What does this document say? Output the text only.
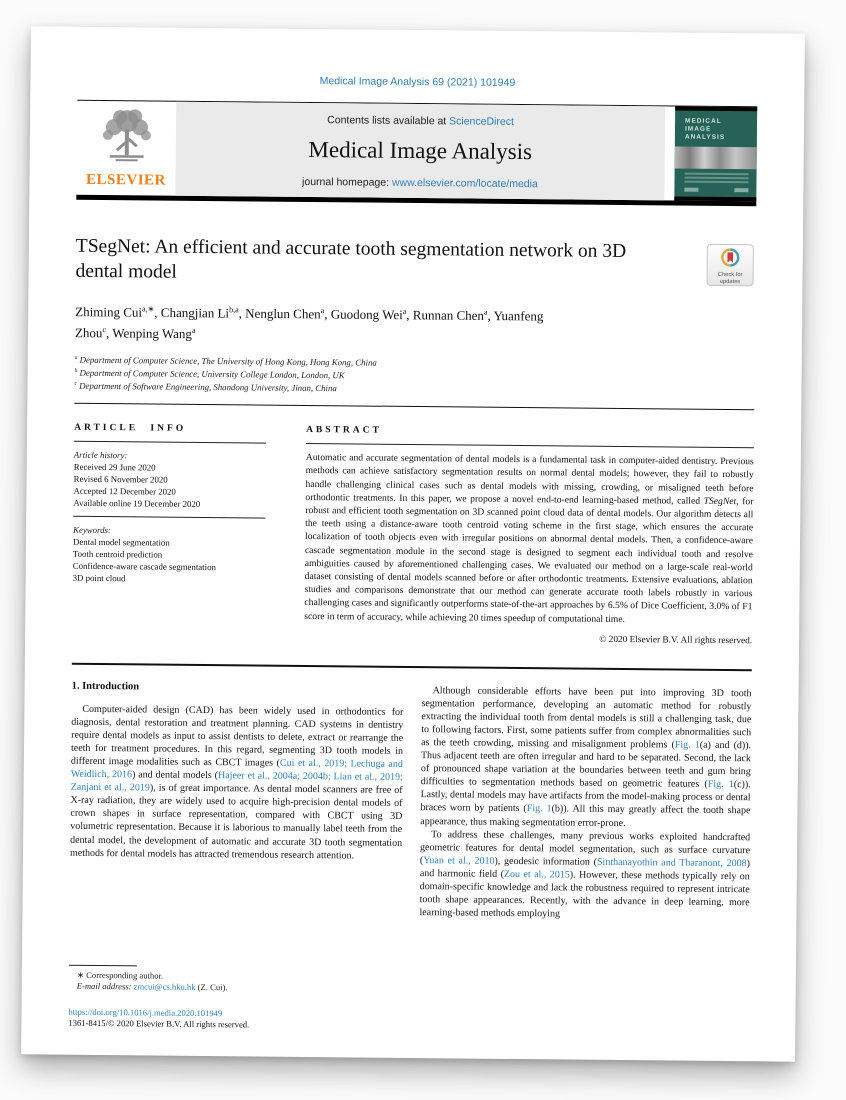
Medical Image Analysis 69 (2021) 101949
ELSEVIER
Contents lists available at ScienceDirect
Medical Image Analysis
journal homepage: www.elsevier.com/locate/media
MEDICAL
IMAGE
ANALYSIS
TSegNet: An efficient and accurate tooth segmentation network on 3D dental model	Check for
updates
Zhiming Cui$^{a,∗}$, Changjian Li$^{b,a}$, Nenglun Chen$^a$, Guodong Wei$^a$, Runnan Chen$^a$, Yuanfeng Zhou$^c$, Wenping Wang$^a$
$^a$ Department of Computer Science, The University of Hong Kong, Hong Kong, China
$^b$ Department of Computer Science, University College London, London, UK
$^c$ Department of Software Engineering, Shandong University, Jinan, China
ARTICLE INFO
Article history:
Received 29 June 2020
Revised 6 November 2020
Accepted 12 December 2020
Available online 19 December 2020
Keywords:
Dental model segmentation
Tooth centroid prediction
Confidence-aware cascade segmentation
3D point cloud
ABSTRACT
Automatic and accurate segmentation of dental models is a fundamental task in computer-aided dentistry. Previous methods can achieve satisfactory segmentation results on normal dental models; however, they fail to robustly handle challenging clinical cases such as dental models with missing, crowding, or misaligned teeth before orthodontic treatments. In this paper, we propose a novel end-to-end learning-based method, called TSegNet, for robust and efficient tooth segmentation on 3D scanned point cloud data of dental models. Our algorithm detects all the teeth using a distance-aware tooth centroid voting scheme in the first stage, which ensures the accurate localization of tooth objects even with irregular positions on abnormal dental models. Then, a confidence-aware cascade segmentation module in the second stage is designed to segment each individual tooth and resolve ambiguities caused by aforementioned challenging cases. We evaluated our method on a large-scale real-world dataset consisting of dental models scanned before or after orthodontic treatments. Extensive evaluations, ablation studies and comparisons demonstrate that our method can generate accurate tooth labels robustly in various challenging cases and significantly outperforms state-of-the-art approaches by 6.5% of Dice Coefficient, 3.0% of F1 score in term of accuracy, while achieving 20 times speedup of computational time.
© 2020 Elsevier B.V. All rights reserved.
1. Introduction
Computer-aided design (CAD) has been widely used in orthodontics for diagnosis, dental restoration and treatment planning. CAD systems in dentistry require dental models as input to assist dentists to delete, extract or rearrange the teeth for treatment procedures. In this regard, segmenting 3D tooth models in different image modalities such as CBCT images (Cui et al., 2019; Lechuga and Weidlich, 2016) and dental models (Hajeer et al., 2004a; 2004b; Lian et al., 2019; Zanjani et al., 2019), is of great importance. As dental model scanners are free of X-ray radiation, they are widely used to acquire high-precision dental models of crown shapes in surface representation, compared with CBCT using 3D volumetric representation. Because it is laborious to manually label teeth from the dental model, the development of automatic and accurate 3D tooth segmentation methods for dental models has attracted tremendous research attention.
∗ Corresponding author.
E-mail address: zmcui@cs.hku.hk (Z. Cui).
https://doi.org/10.1016/j.media.2020.101949
1361-8415/© 2020 Elsevier B.V. All rights reserved.
Although considerable efforts have been put into improving 3D tooth segmentation performance, developing an automatic method for robustly extracting the individual tooth from dental models is still a challenging task, due to following factors. First, some patients suffer from complex abnormalities such as the teeth crowding, missing and misalignment problems (Fig. 1(a) and (d)). Thus adjacent teeth are often irregular and hard to be separated. Second, the lack of pronounced shape variation at the boundaries between teeth and gum bring difficulties to segmentation methods based on geometric features (Fig. 1(c)). Lastly, dental models may have artifacts from the model-making process or dental braces worn by patients (Fig. 1(b)). All this may greatly affect the tooth shape appearance, thus making segmentation error-prone.
To address these challenges, many previous works exploited handcrafted geometric features for dental model segmentation, such as surface curvature (Yuan et al., 2010), geodesic information (Sinthanayothin and Tharanont, 2008) and harmonic field (Zou et al., 2015). However, these methods typically rely on domain-specific knowledge and lack the robustness required to represent intricate tooth shape appearances. Recently, with the advance in deep learning, more learning-based methods employing
